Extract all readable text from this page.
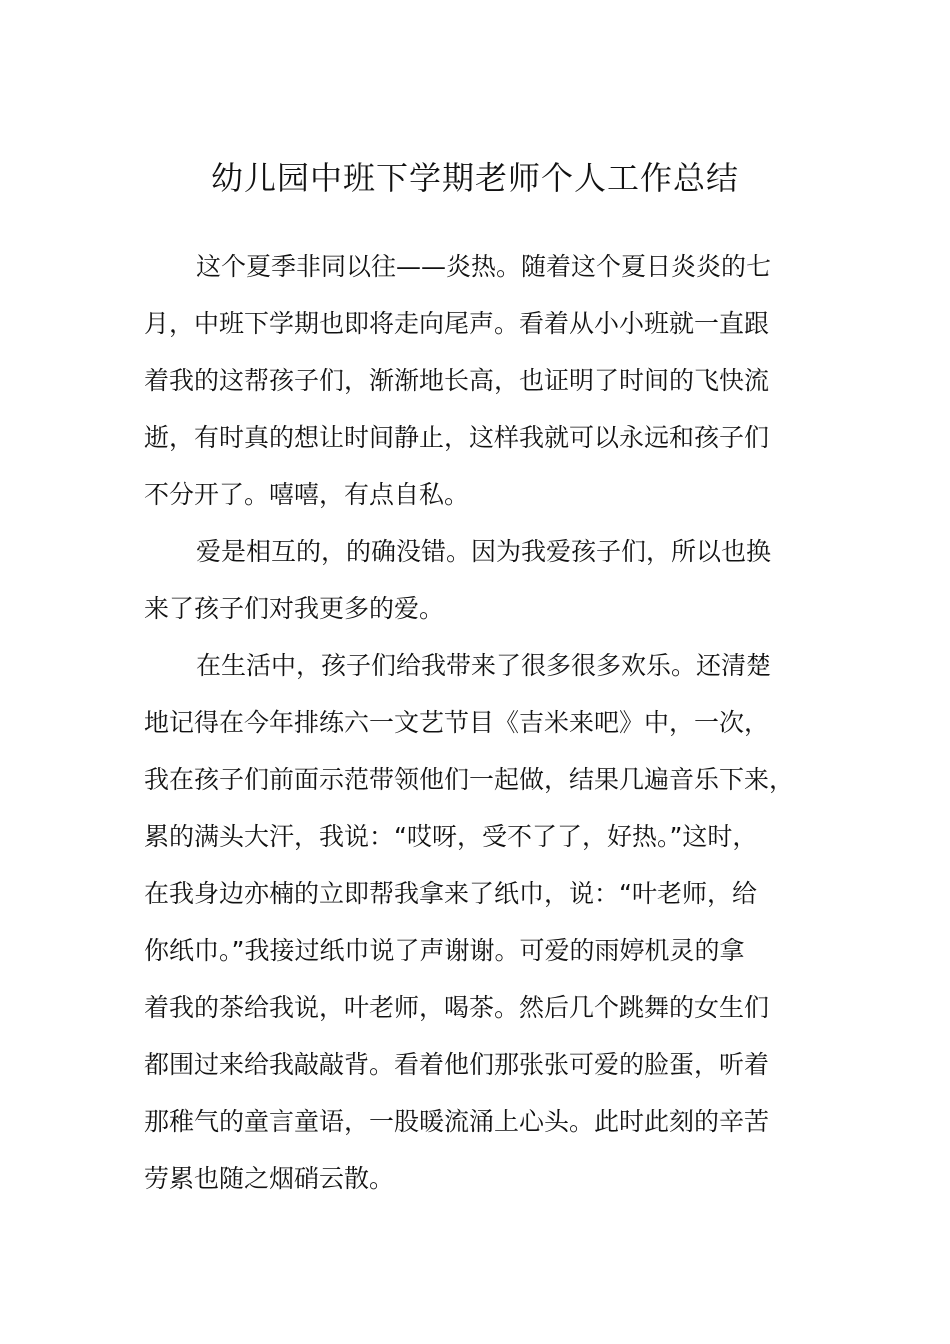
幼儿园中班下学期老师个人工作总结
这个夏季非同以往——炎热。随着这个夏日炎炎的七
月，中班下学期也即将走向尾声。看着从小小班就一直跟
着我的这帮孩子们，渐渐地长高，也证明了时间的飞快流
逝，有时真的想让时间静止，这样我就可以永远和孩子们
不分开了。嘻嘻，有点自私。
爱是相互的，的确没错。因为我爱孩子们，所以也换
来了孩子们对我更多的爱。
在生活中，孩子们给我带来了很多很多欢乐。还清楚
地记得在今年排练六一文艺节目《吉米来吧》中，一次，
我在孩子们前面示范带领他们一起做，结果几遍音乐下来，
累的满头大汗，我说：“哎呀，受不了了，好热。”这时，
在我身边亦楠的立即帮我拿来了纸巾，说：“叶老师，给
你纸巾。”我接过纸巾说了声谢谢。可爱的雨婷机灵的拿
着我的茶给我说，叶老师，喝茶。然后几个跳舞的女生们
都围过来给我敲敲背。看着他们那张张可爱的脸蛋，听着
那稚气的童言童语，一股暖流涌上心头。此时此刻的辛苦
劳累也随之烟硝云散。
